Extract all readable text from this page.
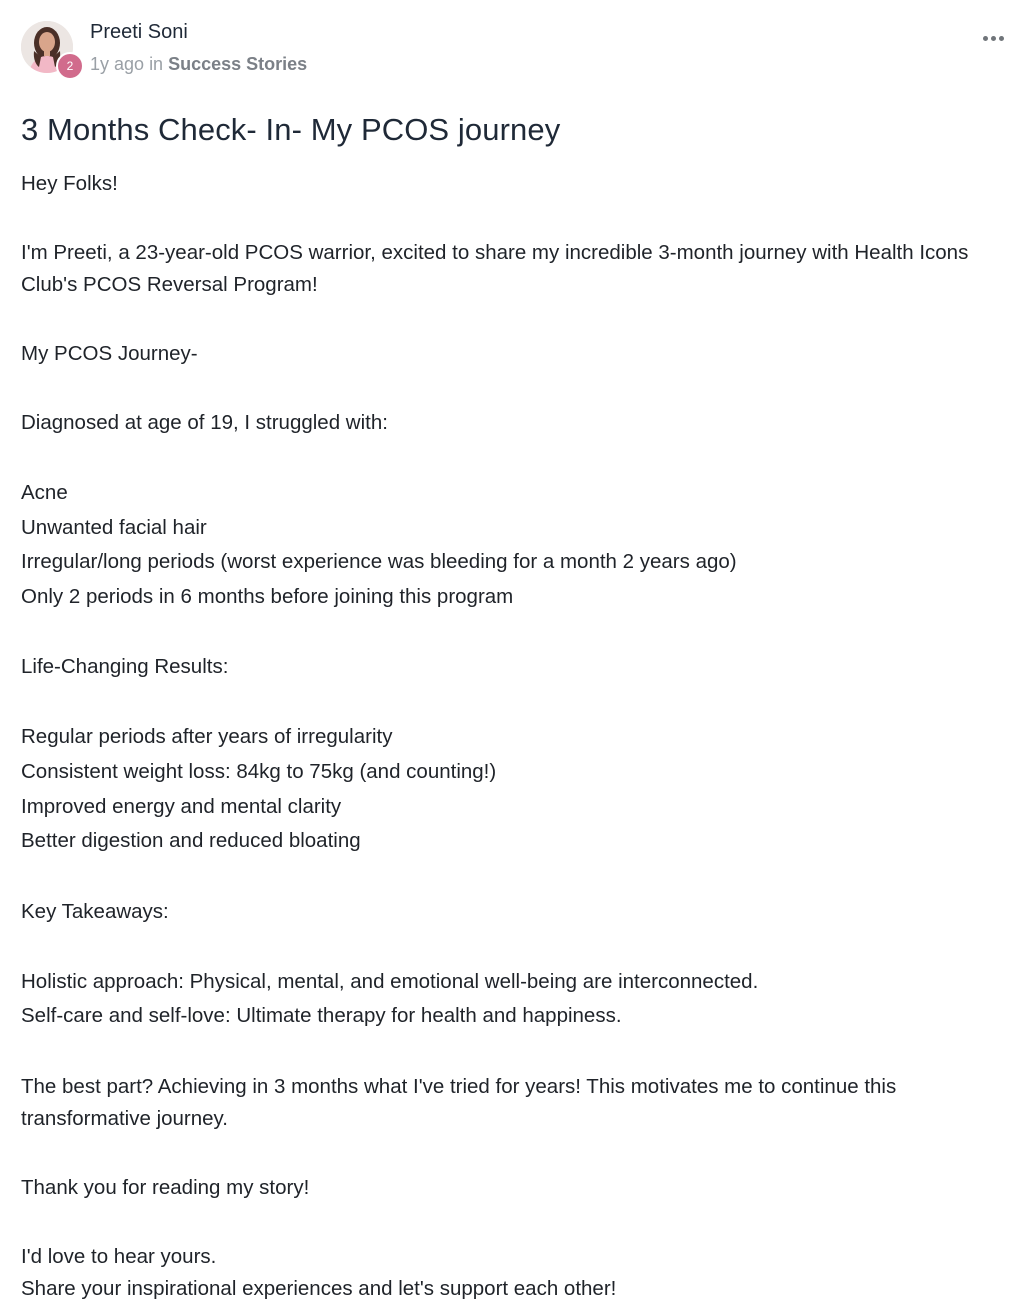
2
Preeti Soni
1y ago in Success Stories
3 Months Check- In- My PCOS journey

Hey Folks!

I'm Preeti, a 23-year-old PCOS warrior, excited to share my incredible 3-month journey with Health Icons Club's PCOS Reversal Program!

My PCOS Journey-

Diagnosed at age of 19, I struggled with:

Acne
Unwanted facial hair
Irregular/long periods (worst experience was bleeding for a month 2 years ago)
Only 2 periods in 6 months before joining this program

Life-Changing Results:

Regular periods after years of irregularity
Consistent weight loss: 84kg to 75kg (and counting!)
Improved energy and mental clarity
Better digestion and reduced bloating

Key Takeaways:

Holistic approach: Physical, mental, and emotional well-being are interconnected.
Self-care and self-love: Ultimate therapy for health and happiness.

The best part? Achieving in 3 months what I've tried for years! This motivates me to continue this transformative journey.

Thank you for reading my story!

I'd love to hear yours.

Share your inspirational experiences and let's support each other!
